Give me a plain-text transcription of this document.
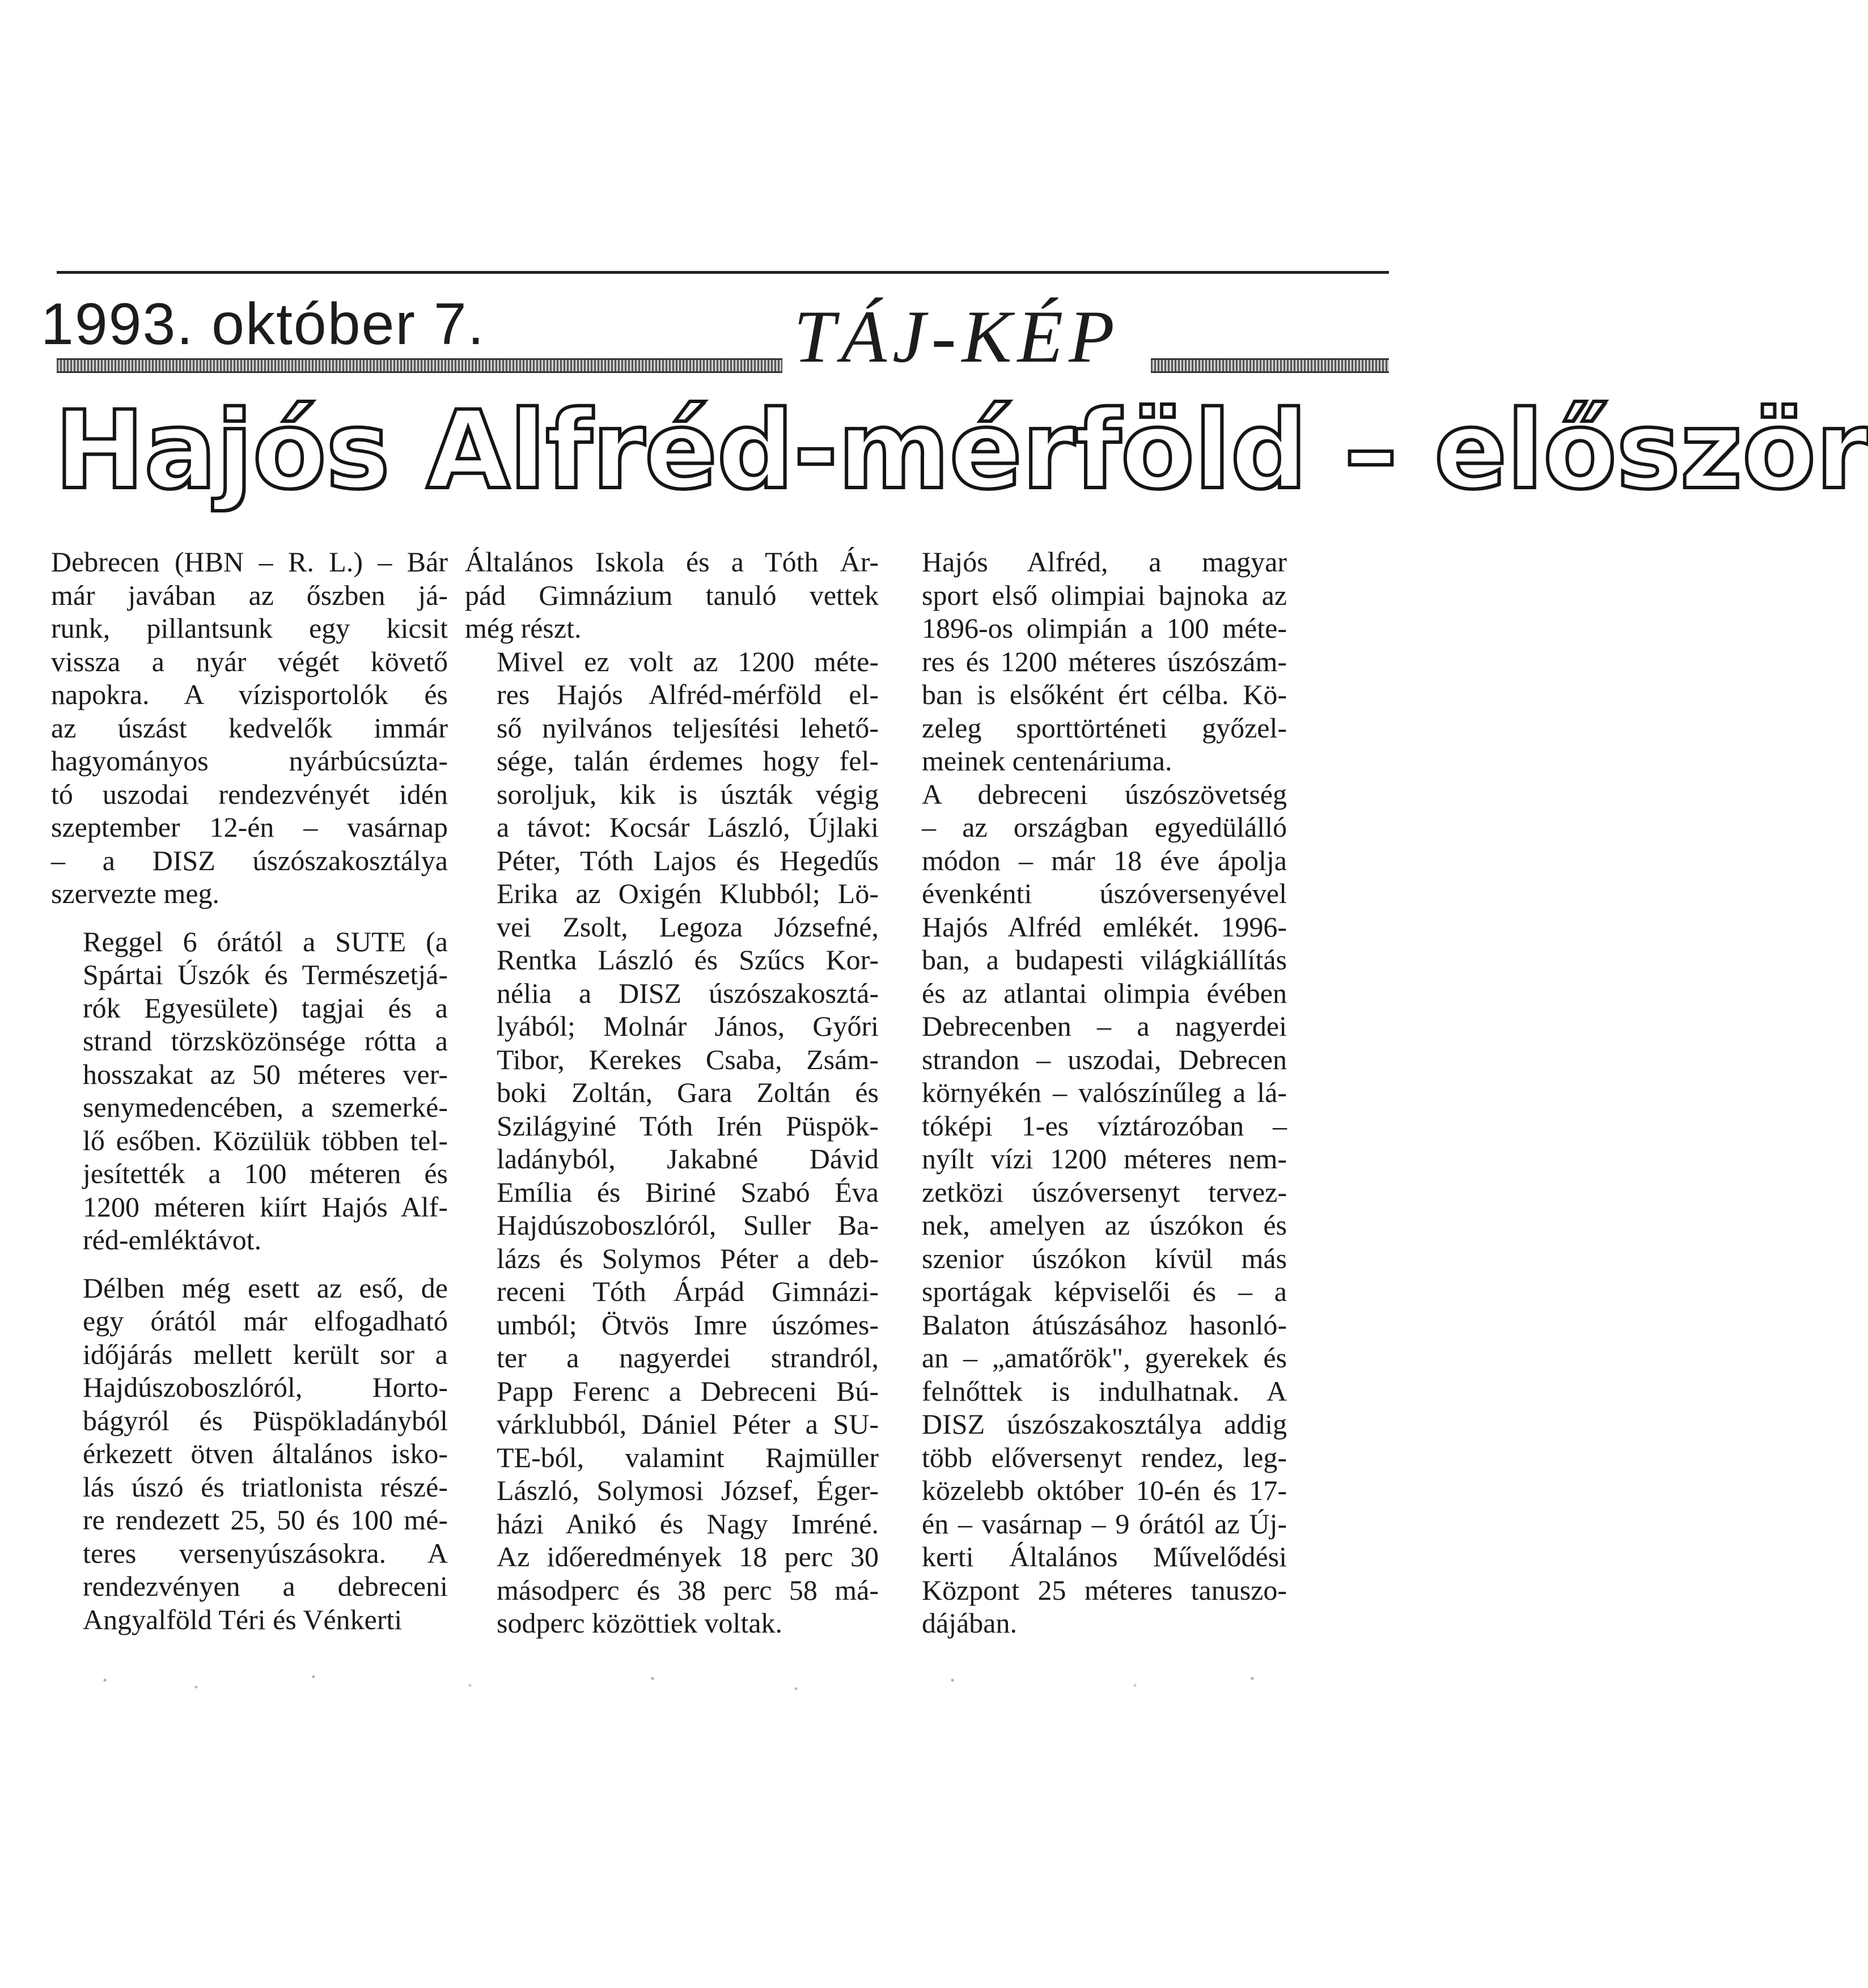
1993. október 7.	TÁJ-KÉP
Hajós Alfréd-mérföld – először

Debrecen (HBN – R. L.) – Bár
már javában az őszben já-
runk, pillantsunk egy kicsit
vissza a nyár végét követő
napokra. A vízisportolók és
az úszást kedvelők immár
hagyományos nyárbúcsúzta-
tó uszodai rendezvényét idén
szeptember 12-én – vasárnap
– a DISZ úszószakosztálya
szervezte meg.

Reggel 6 órától a SUTE (a
Spártai Úszók és Természetjá-
rók Egyesülete) tagjai és a
strand törzsközönsége rótta a
hosszakat az 50 méteres ver-
senymedencében, a szemerké-
lő esőben. Közülük többen tel-
jesítették a 100 méteren és
1200 méteren kiírt Hajós Alf-
réd-emléktávot.

Délben még esett az eső, de
egy órától már elfogadható
időjárás mellett került sor a
Hajdúszoboszlóról, Horto-
bágyról és Püspökladányból
érkezett ötven általános isko-
lás úszó és triatlonista részé-
re rendezett 25, 50 és 100 mé-
teres versenyúszásokra. A
rendezvényen a debreceni
Angyalföld Téri és Vénkerti

Általános Iskola és a Tóth Ár-
pád Gimnázium tanuló vettek
még részt.

Mivel ez volt az 1200 méte-
res Hajós Alfréd-mérföld el-
ső nyilvános teljesítési lehető-
sége, talán érdemes hogy fel-
soroljuk, kik is úszták végig
a távot: Kocsár László, Újlaki
Péter, Tóth Lajos és Hegedűs
Erika az Oxigén Klubból; Lö-
vei Zsolt, Legoza Józsefné,
Rentka László és Szűcs Kor-
nélia a DISZ úszószakosztá-
lyából; Molnár János, Győri
Tibor, Kerekes Csaba, Zsám-
boki Zoltán, Gara Zoltán és
Szilágyiné Tóth Irén Püspök-
ladányból, Jakabné Dávid
Emília és Biriné Szabó Éva
Hajdúszoboszlóról, Suller Ba-
lázs és Solymos Péter a deb-
receni Tóth Árpád Gimnázi-
umból; Ötvös Imre úszómes-
ter a nagyerdei strandról,
Papp Ferenc a Debreceni Bú-
várklubból, Dániel Péter a SU-
TE-ból, valamint Rajmüller
László, Solymosi József, Éger-
házi Anikó és Nagy Imréné.
Az időeredmények 18 perc 30
másodperc és 38 perc 58 má-
sodperc közöttiek voltak.

Hajós Alfréd, a magyar
sport első olimpiai bajnoka az
1896-os olimpián a 100 méte-
res és 1200 méteres úszószám-
ban is elsőként ért célba. Kö-
zeleg sporttörténeti győzel-
meinek centenáriuma.

A debreceni úszószövetség
– az országban egyedülálló
módon – már 18 éve ápolja
évenkénti úszóversenyével
Hajós Alfréd emlékét. 1996-
ban, a budapesti világkiállítás
és az atlantai olimpia évében
Debrecenben – a nagyerdei
strandon – uszodai, Debrecen
környékén – valószínűleg a lá-
tóképi 1-es víztározóban –
nyílt vízi 1200 méteres nem-
zetközi úszóversenyt tervez-
nek, amelyen az úszókon és
szenior úszókon kívül más
sportágak képviselői és – a
Balaton átúszásához hasonló-
an – „amatőrök", gyerekek és
felnőttek is indulhatnak. A
DISZ úszószakosztálya addig
több előversenyt rendez, leg-
közelebb október 10-én és 17-
én – vasárnap – 9 órától az Új-
kerti Általános Művelődési
Központ 25 méteres tanuszo-
dájában.
